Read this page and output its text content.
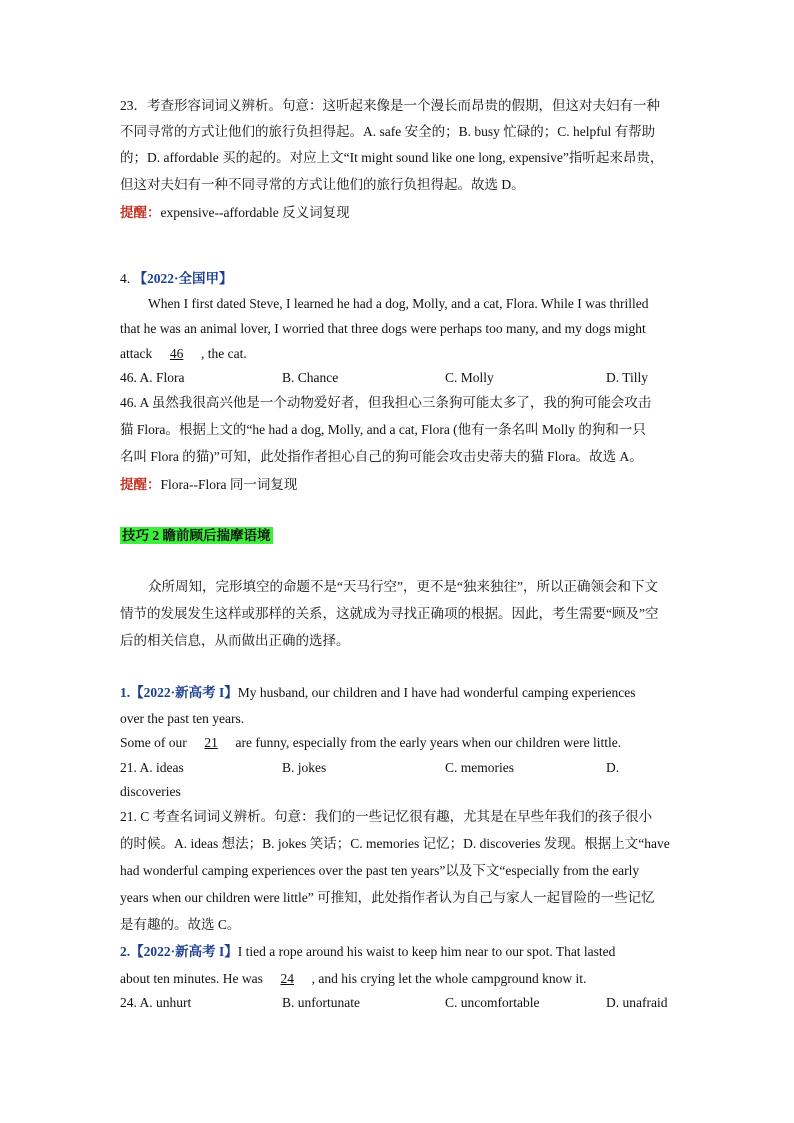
23．考查形容词词义辨析。句意：这听起来像是一个漫长而昂贵的假期，但这对夫妇有一种
不同寻常的方式让他们的旅行负担得起。A. safe 安全的；B. busy 忙碌的；C. helpful 有帮助
的；D. affordable 买的起的。对应上文“It might sound like one long, expensive”指听起来昂贵，
但这对夫妇有一种不同寻常的方式让他们的旅行负担得起。故选 D。
提醒：expensive--affordable 反义词复现
4. 【2022·全国甲】
When I first dated Steve, I learned he had a dog, Molly, and a cat, Flora. While I was thrilled
that he was an animal lover, I worried that three dogs were perhaps too many, and my dogs might
attack 46 , the cat.
46. A. Flora	B. Chance	C. Molly	D. Tilly
46. A 虽然我很高兴他是一个动物爱好者，但我担心三条狗可能太多了，我的狗可能会攻击
猫 Flora。根据上文的“he had a dog, Molly, and a cat, Flora (他有一条名叫 Molly 的狗和一只
名叫 Flora 的猫)”可知，此处指作者担心自己的狗可能会攻击史蒂夫的猫 Flora。故选 A。
提醒：Flora--Flora 同一词复现
技巧 2 瞻前顾后揣摩语境
众所周知，完形填空的命题不是“天马行空”，更不是“独来独往”，所以正确领会和下文
情节的发展发生这样或那样的关系，这就成为寻找正确项的根据。因此，考生需要“顾及”空
后的相关信息，从而做出正确的选择。
1.【2022·新高考 I】My husband, our children and I have had wonderful camping experiences
over the past ten years.
Some of our 21 are funny, especially from the early years when our children were little.
21. A. ideas	B. jokes	C. memories	D.
discoveries
21. C 考查名词词义辨析。句意：我们的一些记忆很有趣，尤其是在早些年我们的孩子很小
的时候。A. ideas 想法；B. jokes 笑话；C. memories 记忆；D. discoveries 发现。根据上文“have
had wonderful camping experiences over the past ten years”以及下文“especially from the early
years when our children were little” 可推知，此处指作者认为自己与家人一起冒险的一些记忆
是有趣的。故选 C。
2.【2022·新高考 I】I tied a rope around his waist to keep him near to our spot. That lasted
about ten minutes. He was 24 , and his crying let the whole campground know it.
24. A. unhurt	B. unfortunate	C. uncomfortable	D. unafraid
